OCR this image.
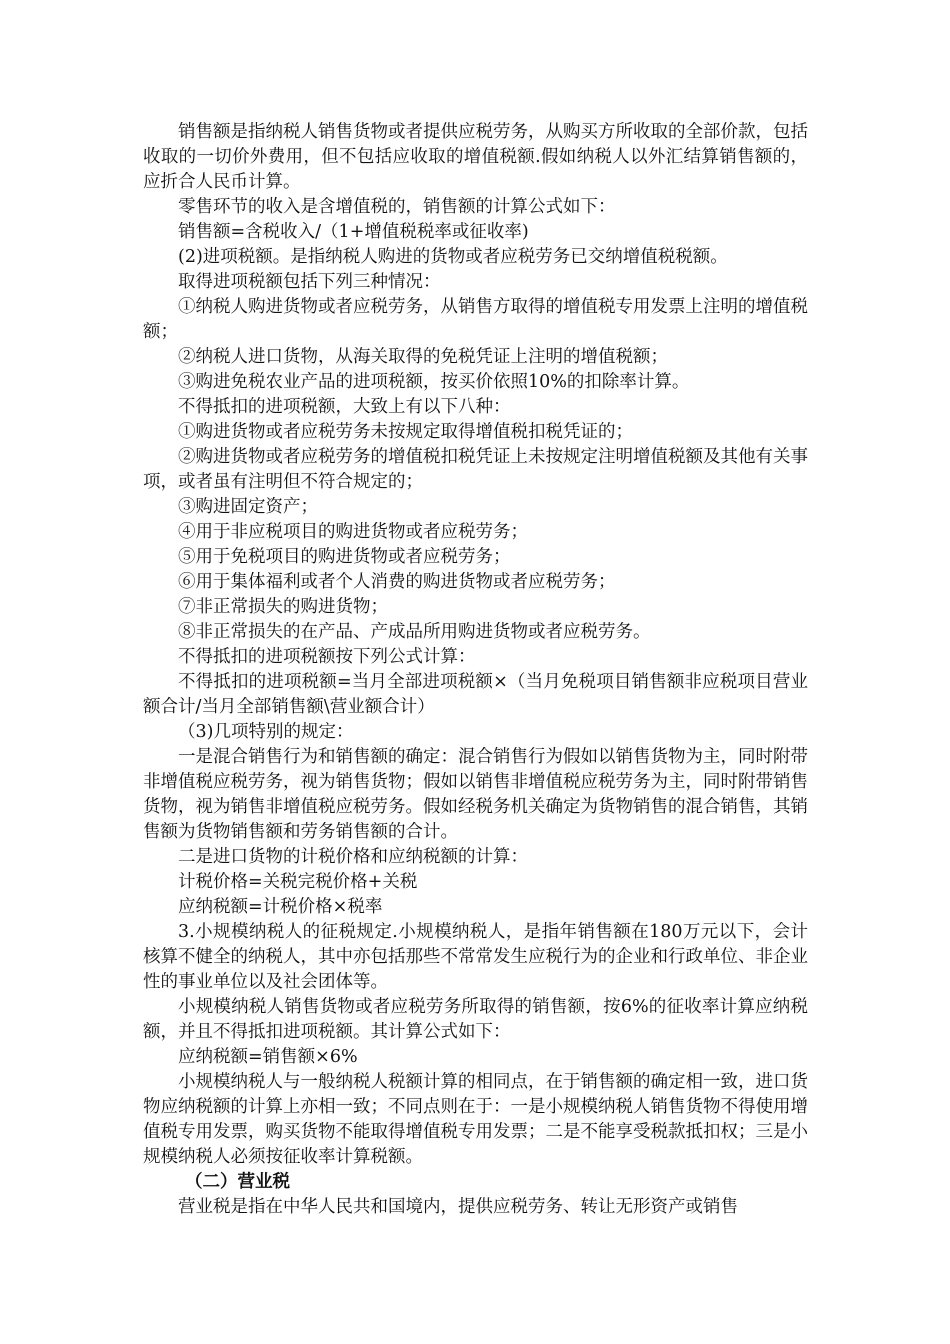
销售额是指纳税人销售货物或者提供应税劳务，从购买方所收取的全部价款，包括收取的一切价外费用，但不包括应收取的增值税额.假如纳税人以外汇结算销售额的，应折合人民币计算。

零售环节的收入是含增值税的，销售额的计算公式如下：

销售额=含税收入/（1+增值税税率或征收率)

(2)进项税额。是指纳税人购进的货物或者应税劳务已交纳增值税税额。

取得进项税额包括下列三种情况：

①纳税人购进货物或者应税劳务，从销售方取得的增值税专用发票上注明的增值税额；

②纳税人进口货物，从海关取得的免税凭证上注明的增值税额；

③购进免税农业产品的进项税额，按买价依照10%的扣除率计算。

不得抵扣的进项税额，大致上有以下八种：

①购进货物或者应税劳务未按规定取得增值税扣税凭证的；

②购进货物或者应税劳务的增值税扣税凭证上未按规定注明增值税额及其他有关事项，或者虽有注明但不符合规定的；

③购进固定资产；

④用于非应税项目的购进货物或者应税劳务；

⑤用于免税项目的购进货物或者应税劳务；

⑥用于集体福利或者个人消费的购进货物或者应税劳务；

⑦非正常损失的购进货物；

⑧非正常损失的在产品、产成品所用购进货物或者应税劳务。

不得抵扣的进项税额按下列公式计算：

不得抵扣的进项税额=当月全部进项税额×（当月免税项目销售额非应税项目营业额合计/当月全部销售额\营业额合计）

（3)几项特别的规定：

一是混合销售行为和销售额的确定：混合销售行为假如以销售货物为主，同时附带非增值税应税劳务，视为销售货物；假如以销售非增值税应税劳务为主，同时附带销售货物，视为销售非增值税应税劳务。假如经税务机关确定为货物销售的混合销售，其销售额为货物销售额和劳务销售额的合计。

二是进口货物的计税价格和应纳税额的计算：

计税价格=关税完税价格+关税

应纳税额=计税价格×税率

3.小规模纳税人的征税规定.小规模纳税人，是指年销售额在180万元以下，会计核算不健全的纳税人，其中亦包括那些不常常发生应税行为的企业和行政单位、非企业性的事业单位以及社会团体等。

小规模纳税人销售货物或者应税劳务所取得的销售额，按6%的征收率计算应纳税额，并且不得抵扣进项税额。其计算公式如下：

应纳税额=销售额×6%

小规模纳税人与一般纳税人税额计算的相同点，在于销售额的确定相一致，进口货物应纳税额的计算上亦相一致；不同点则在于：一是小规模纳税人销售货物不得使用增值税专用发票，购买货物不能取得增值税专用发票；二是不能享受税款抵扣权；三是小规模纳税人必须按征收率计算税额。

（二）营业税

营业税是指在中华人民共和国境内，提供应税劳务、转让无形资产或销售
